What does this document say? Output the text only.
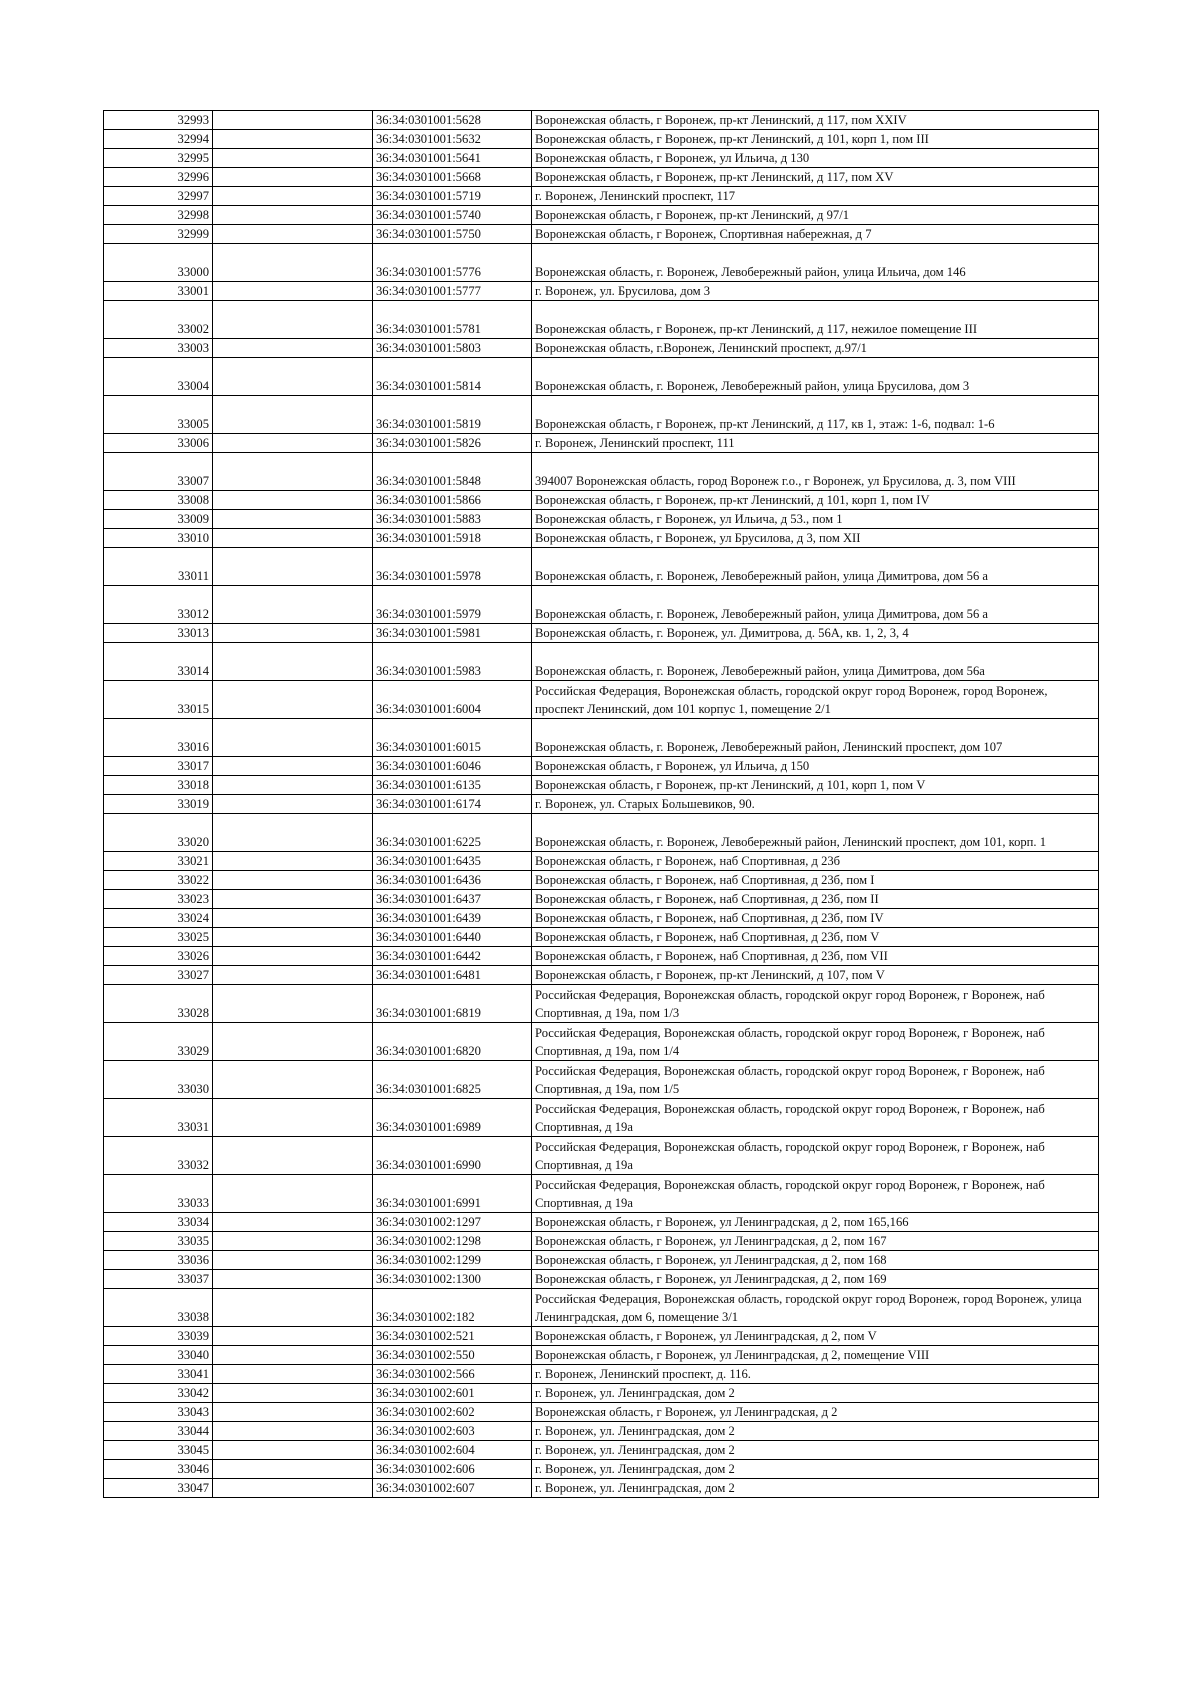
32993		36:34:0301001:5628	Воронежская область, г Воронеж, пр-кт Ленинский, д 117, пом XXIV
32994		36:34:0301001:5632	Воронежская область, г Воронеж, пр-кт Ленинский, д 101, корп 1, пом III
32995		36:34:0301001:5641	Воронежская область, г Воронеж, ул Ильича, д 130
32996		36:34:0301001:5668	Воронежская область, г Воронеж, пр-кт Ленинский, д 117, пом XV
32997		36:34:0301001:5719	г. Воронеж, Ленинский проспект, 117
32998		36:34:0301001:5740	Воронежская область, г Воронеж, пр-кт Ленинский, д 97/1
32999		36:34:0301001:5750	Воронежская область, г Воронеж, Спортивная набережная, д 7
33000		36:34:0301001:5776	Воронежская область, г. Воронеж, Левобережный район, улица Ильича, дом 146
33001		36:34:0301001:5777	г. Воронеж, ул. Брусилова, дом 3
33002		36:34:0301001:5781	Воронежская область, г Воронеж, пр-кт Ленинский, д 117, нежилое помещение III
33003		36:34:0301001:5803	Воронежская область, г.Воронеж, Ленинский проспект, д.97/1
33004		36:34:0301001:5814	Воронежская область, г. Воронеж, Левобережный район, улица Брусилова, дом 3
33005		36:34:0301001:5819	Воронежская область, г Воронеж, пр-кт Ленинский, д 117, кв 1, этаж: 1-6, подвал: 1-6
33006		36:34:0301001:5826	г. Воронеж, Ленинский проспект, 111
33007		36:34:0301001:5848	394007 Воронежская область, город Воронеж г.о., г Воронеж, ул Брусилова, д. 3, пом VIII
33008		36:34:0301001:5866	Воронежская область, г Воронеж, пр-кт Ленинский, д 101, корп 1, пом IV
33009		36:34:0301001:5883	Воронежская область, г Воронеж, ул Ильича, д 53., пом 1
33010		36:34:0301001:5918	Воронежская область, г Воронеж, ул Брусилова, д 3, пом XII
33011		36:34:0301001:5978	Воронежская область, г. Воронеж, Левобережный район, улица Димитрова, дом 56 а
33012		36:34:0301001:5979	Воронежская область, г. Воронеж, Левобережный район, улица Димитрова, дом 56 а
33013		36:34:0301001:5981	Воронежская область, г. Воронеж, ул. Димитрова, д. 56А, кв. 1, 2, 3, 4
33014		36:34:0301001:5983	Воронежская область, г. Воронеж, Левобережный район, улица Димитрова, дом 56а
33015		36:34:0301001:6004	Российская Федерация, Воронежская область, городской округ город Воронеж, город Воронеж, проспект Ленинский, дом 101 корпус 1, помещение 2/1
33016		36:34:0301001:6015	Воронежская область, г. Воронеж, Левобережный район, Ленинский проспект, дом 107
33017		36:34:0301001:6046	Воронежская область, г Воронеж, ул Ильича, д 150
33018		36:34:0301001:6135	Воронежская область, г Воронеж, пр-кт Ленинский, д 101, корп 1, пом V
33019		36:34:0301001:6174	г. Воронеж, ул. Старых Большевиков, 90.
33020		36:34:0301001:6225	Воронежская область, г. Воронеж, Левобережный район, Ленинский проспект, дом 101, корп. 1
33021		36:34:0301001:6435	Воронежская область, г Воронеж, наб Спортивная, д 23б
33022		36:34:0301001:6436	Воронежская область, г Воронеж, наб Спортивная, д 23б, пом I
33023		36:34:0301001:6437	Воронежская область, г Воронеж, наб Спортивная, д 23б, пом II
33024		36:34:0301001:6439	Воронежская область, г Воронеж, наб Спортивная, д 23б, пом IV
33025		36:34:0301001:6440	Воронежская область, г Воронеж, наб Спортивная, д 23б, пом V
33026		36:34:0301001:6442	Воронежская область, г Воронеж, наб Спортивная, д 23б, пом VII
33027		36:34:0301001:6481	Воронежская область, г Воронеж, пр-кт Ленинский, д 107, пом V
33028		36:34:0301001:6819	Российская Федерация, Воронежская область, городской округ город Воронеж, г Воронеж, наб Спортивная, д 19а, пом 1/3
33029		36:34:0301001:6820	Российская Федерация, Воронежская область, городской округ город Воронеж, г Воронеж, наб Спортивная, д 19а, пом 1/4
33030		36:34:0301001:6825	Российская Федерация, Воронежская область, городской округ город Воронеж, г Воронеж, наб Спортивная, д 19а, пом 1/5
33031		36:34:0301001:6989	Российская Федерация, Воронежская область, городской округ город Воронеж, г Воронеж, наб Спортивная, д 19а
33032		36:34:0301001:6990	Российская Федерация, Воронежская область, городской округ город Воронеж, г Воронеж, наб Спортивная, д 19а
33033		36:34:0301001:6991	Российская Федерация, Воронежская область, городской округ город Воронеж, г Воронеж, наб Спортивная, д 19а
33034		36:34:0301002:1297	Воронежская область, г Воронеж, ул Ленинградская, д 2, пом 165,166
33035		36:34:0301002:1298	Воронежская область, г Воронеж, ул Ленинградская, д 2, пом 167
33036		36:34:0301002:1299	Воронежская область, г Воронеж, ул Ленинградская, д 2, пом 168
33037		36:34:0301002:1300	Воронежская область, г Воронеж, ул Ленинградская, д 2, пом 169
33038		36:34:0301002:182	Российская Федерация, Воронежская область, городской округ город Воронеж, город Воронеж, улица Ленинградская, дом 6, помещение 3/1
33039		36:34:0301002:521	Воронежская область, г Воронеж, ул Ленинградская, д 2, пом V
33040		36:34:0301002:550	Воронежская область, г Воронеж, ул Ленинградская, д 2, помещение VIII
33041		36:34:0301002:566	г. Воронеж, Ленинский проспект, д. 116.
33042		36:34:0301002:601	г. Воронеж, ул. Ленинградская, дом 2
33043		36:34:0301002:602	Воронежская область, г Воронеж, ул Ленинградская, д 2
33044		36:34:0301002:603	г. Воронеж, ул. Ленинградская, дом 2
33045		36:34:0301002:604	г. Воронеж, ул. Ленинградская, дом 2
33046		36:34:0301002:606	г. Воронеж, ул. Ленинградская, дом 2
33047		36:34:0301002:607	г. Воронеж, ул. Ленинградская, дом 2
